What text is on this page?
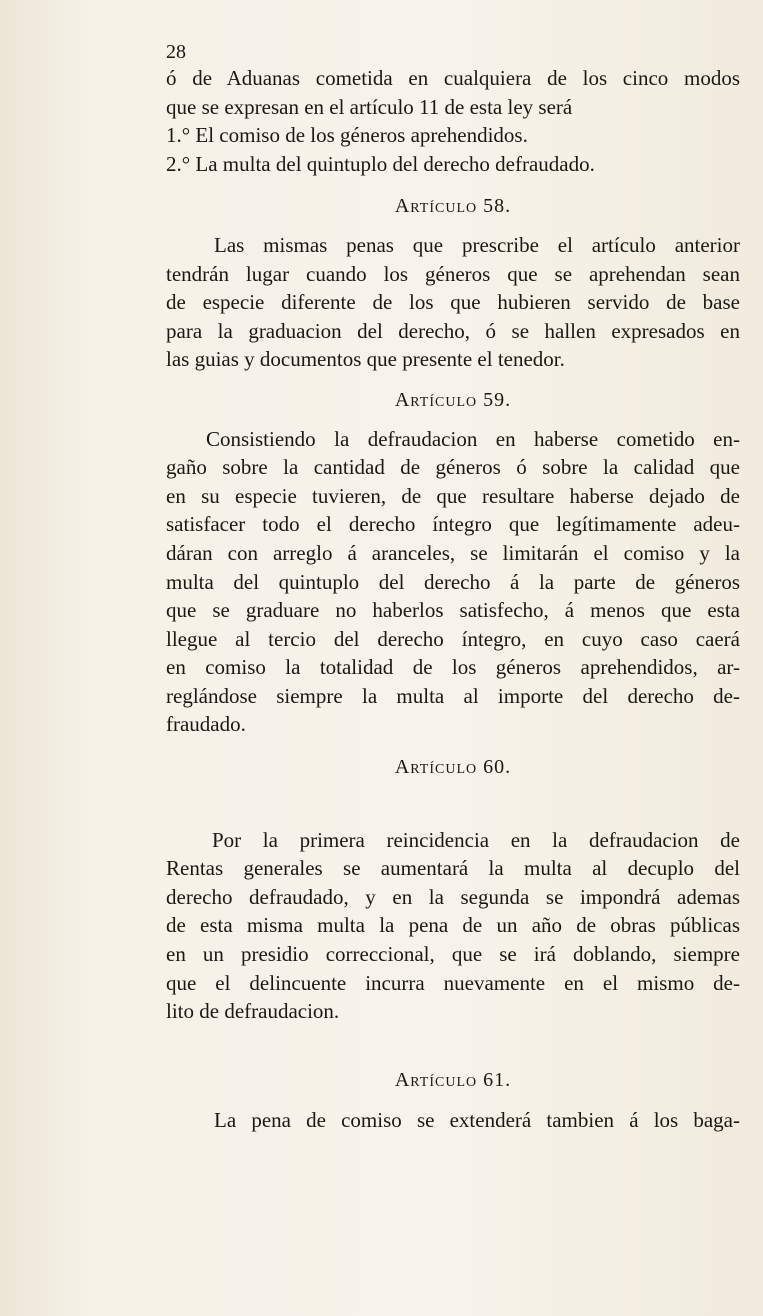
28
ó de Aduanas cometida en cualquiera de los cinco modos
que se expresan en el artículo 11 de esta ley será
1.° El comiso de los géneros aprehendidos.
2.° La multa del quintuplo del derecho defraudado.
Artículo 58.
Las mismas penas que prescribe el artículo anterior
tendrán lugar cuando los géneros que se aprehendan sean
de especie diferente de los que hubieren servido de base
para la graduacion del derecho, ó se hallen expresados en
las guias y documentos que presente el tenedor.
Artículo 59.
Consistiendo la defraudacion en haberse cometido en-
gaño sobre la cantidad de géneros ó sobre la calidad que
en su especie tuvieren, de que resultare haberse dejado de
satisfacer todo el derecho íntegro que legítimamente adeu-
dáran con arreglo á aranceles, se limitarán el comiso y la
multa del quintuplo del derecho á la parte de géneros
que se graduare no haberlos satisfecho, á menos que esta
llegue al tercio del derecho íntegro, en cuyo caso caerá
en comiso la totalidad de los géneros aprehendidos, ar-
reglándose siempre la multa al importe del derecho de-
fraudado.
Artículo 60.
Por la primera reincidencia en la defraudacion de
Rentas generales se aumentará la multa al decuplo del
derecho defraudado, y en la segunda se impondrá ademas
de esta misma multa la pena de un año de obras públicas
en un presidio correccional, que se irá doblando, siempre
que el delincuente incurra nuevamente en el mismo de-
lito de defraudacion.
Artículo 61.
La pena de comiso se extenderá tambien á los baga-
